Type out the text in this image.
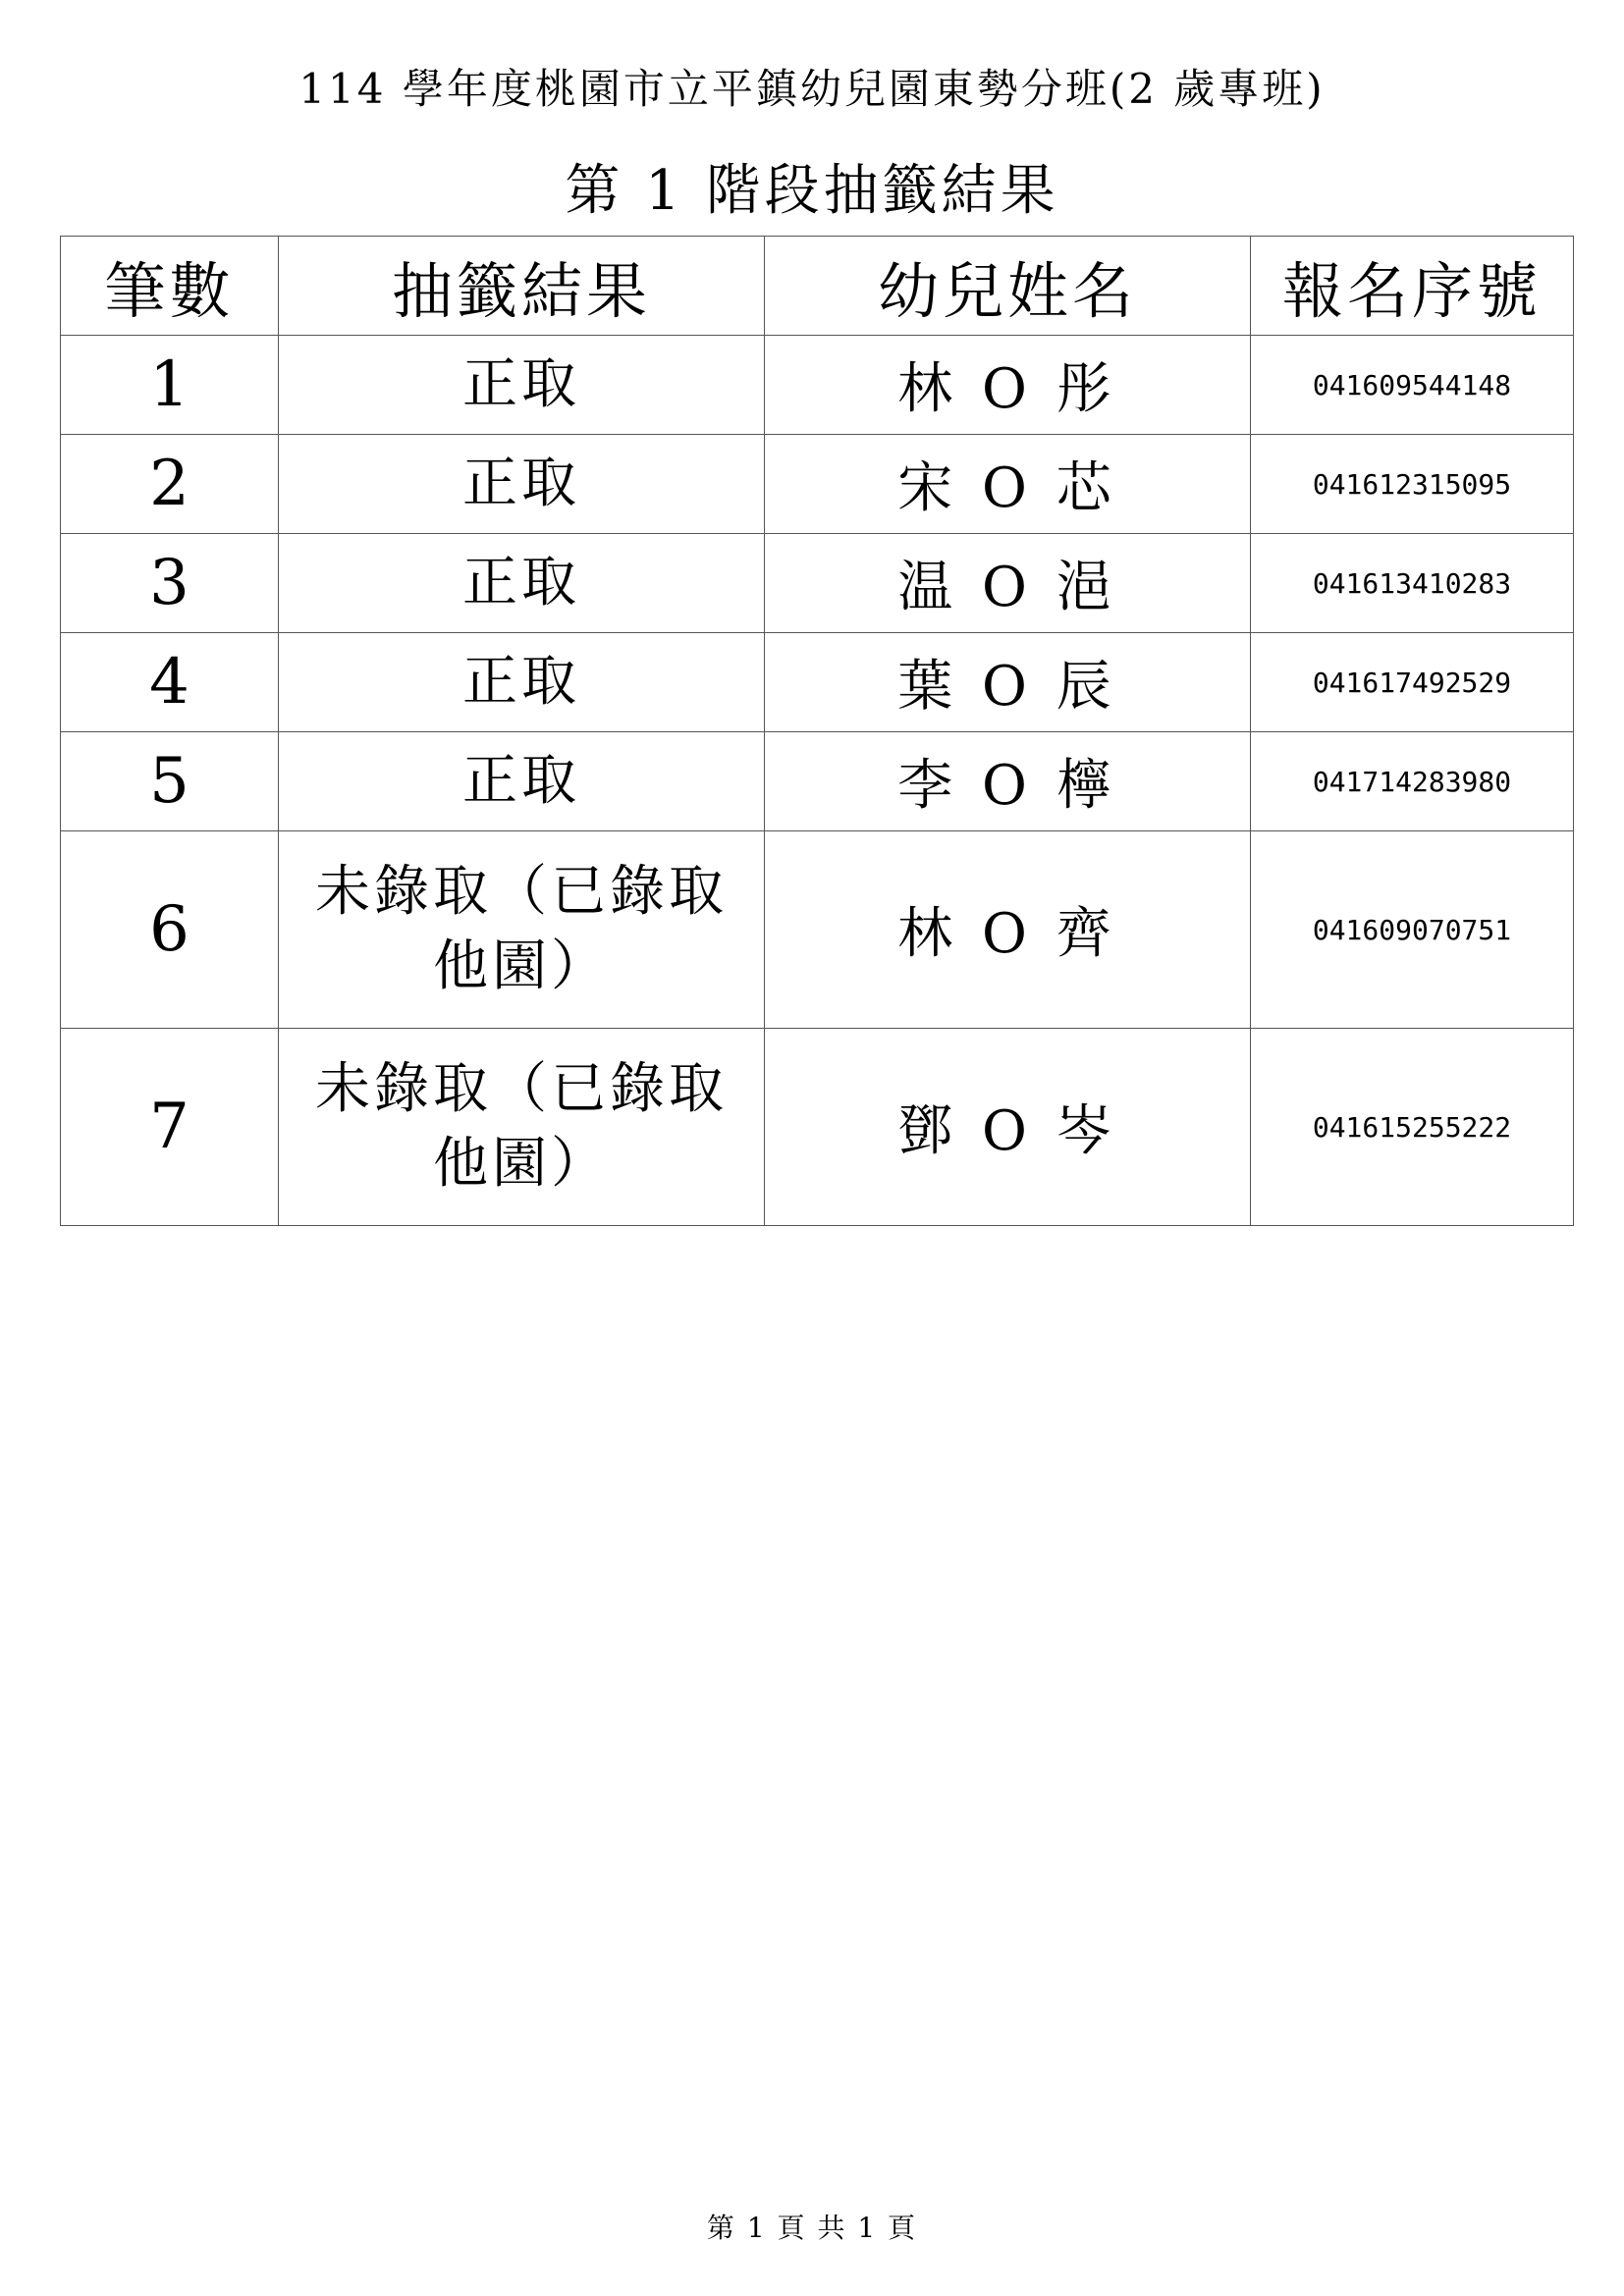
114 學年度桃園市立平鎮幼兒園東勢分班(2 歲專班)
第 1 階段抽籤結果
筆數	抽籤結果	幼兒姓名	報名序號
1	正取	林 O 彤	041609544148
2	正取	宋 O 芯	041612315095
3	正取	温 O 浥	041613410283
4	正取	葉 O 辰	041617492529
5	正取	李 O 檸	041714283980
6	未錄取（已錄取他園）	林 O 齊	041609070751
7	未錄取（已錄取他園）	鄧 O 岑	041615255222
第 1 頁 共 1 頁
